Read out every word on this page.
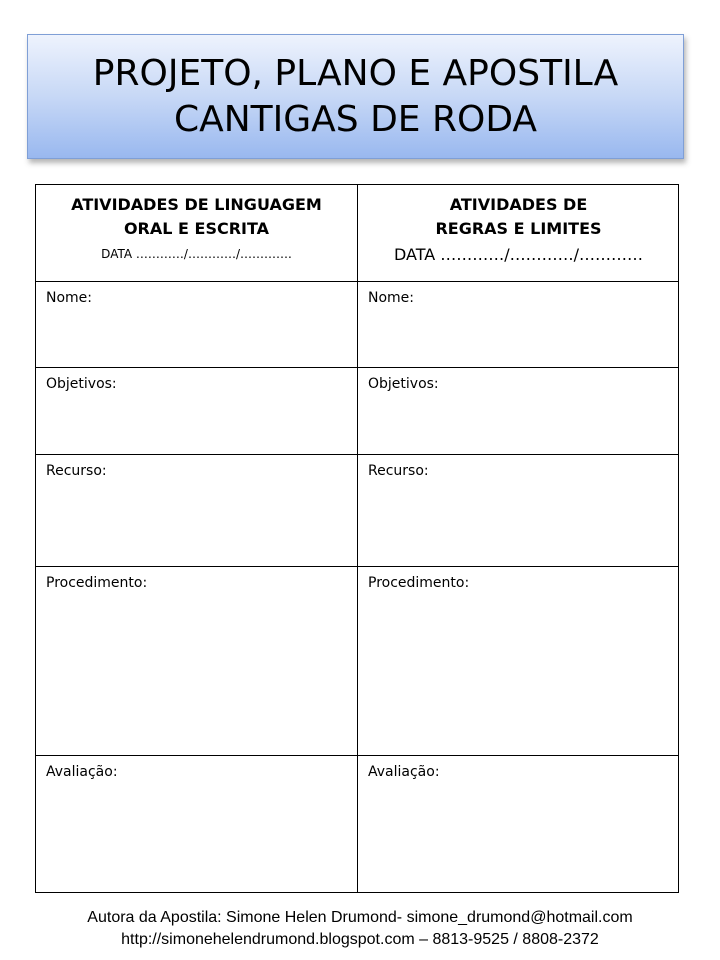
PROJETO, PLANO E APOSTILA
CANTIGAS DE RODA
ATIVIDADES DE LINGUAGEM
ORAL E ESCRITA
DATA …………/…………/………….
ATIVIDADES DE
REGRAS E LIMITES
DATA …………/…………/…………
Nome:	Nome:
Objetivos:	Objetivos:
Recurso:	Recurso:
Procedimento:	Procedimento:
Avaliação:	Avaliação:
Autora da Apostila: Simone Helen Drumond- simone_drumond@hotmail.com
http://simonehelendrumond.blogspot.com – 8813-9525 / 8808-2372
